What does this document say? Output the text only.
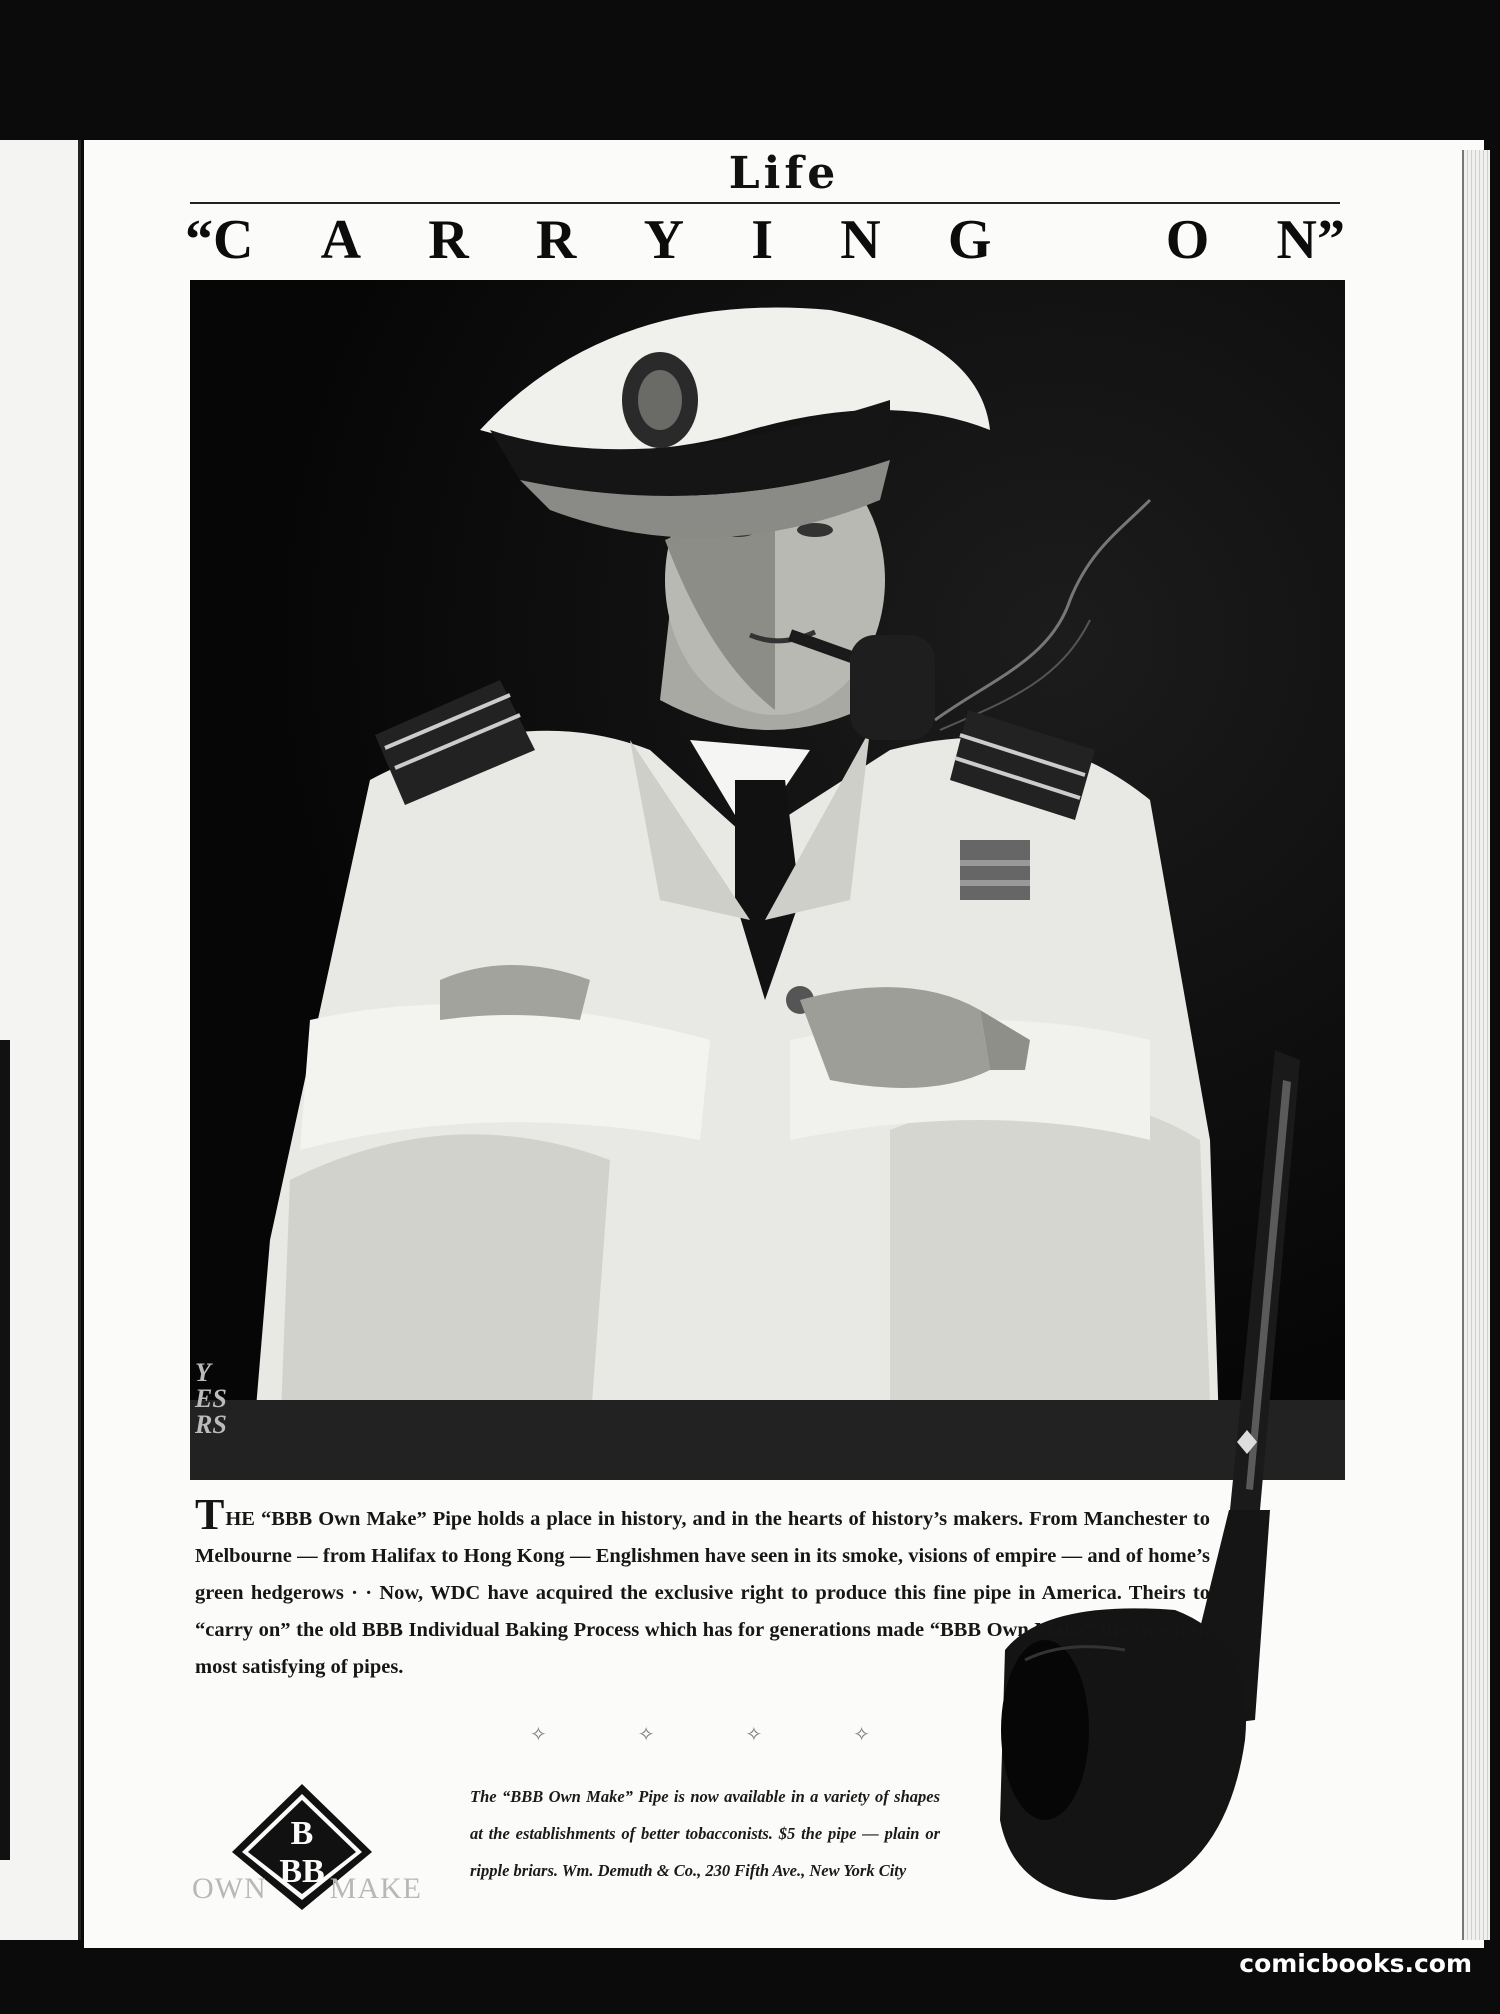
Life
“C A R R Y I N G	O N”
Y
ES
RS
THE “BBB Own Make” Pipe holds a place in history, and in the hearts of history’s makers. From Manchester to Melbourne — from Halifax to Hong Kong — Englishmen have seen in its smoke, visions of empire — and of home’s green hedgerows · · Now, WDC have acquired the exclusive right to produce this fine pipe in America. Theirs to “carry on” the old BBB Individual Baking Process which has for generations made “BBB Own Make” the sweetest, most satisfying of pipes.
✧	✧	✧	✧
B
BB
OWN MAKE
The “BBB Own Make” Pipe is now available in a variety of shapes at the establishments of better tobacconists. $5 the pipe — plain or ripple briars. Wm. Demuth & Co., 230 Fifth Ave., New York City
comicbooks.com
